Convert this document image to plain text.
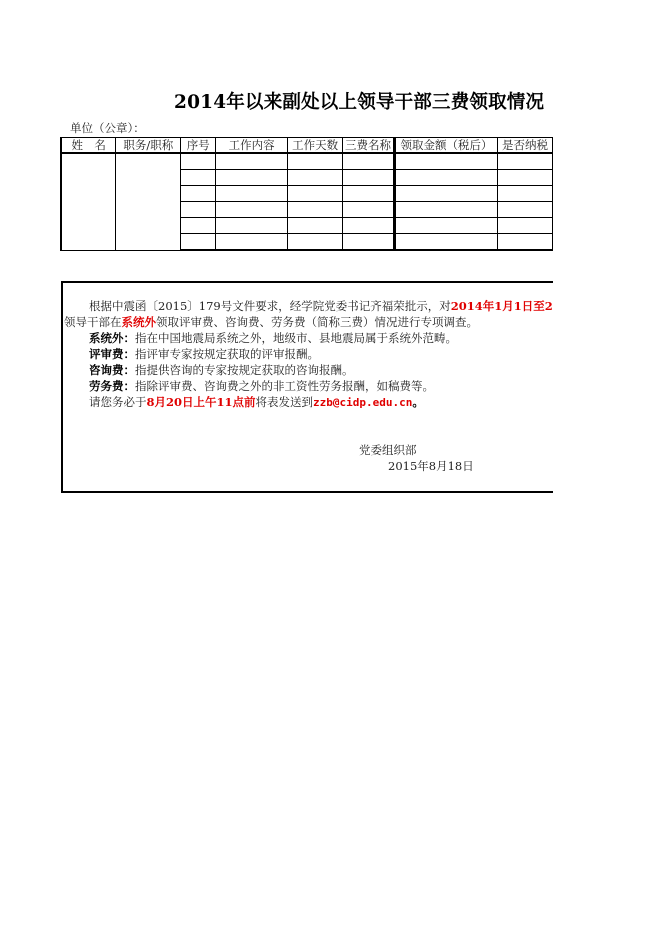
2014年以来副处以上领导干部三费领取情况
单位（公章）：
姓　名	职务/职称	序号	工作内容	工作天数	三费名称	领取金额（税后）	是否纳税

根据中震函〔2015〕179号文件要求，经学院党委书记齐福荣批示，对2014年1月1日至2
领导干部在系统外领取评审费、咨询费、劳务费（简称三费）情况进行专项调查。
系统外：指在中国地震局系统之外，地级市、县地震局属于系统外范畴。
评审费：指评审专家按规定获取的评审报酬。
咨询费：指提供咨询的专家按规定获取的咨询报酬。
劳务费：指除评审费、咨询费之外的非工资性劳务报酬，如稿费等。
请您务必于8月20日上午11点前将表发送到zzb@cidp.edu.cn。
党委组织部
2015年8月18日
